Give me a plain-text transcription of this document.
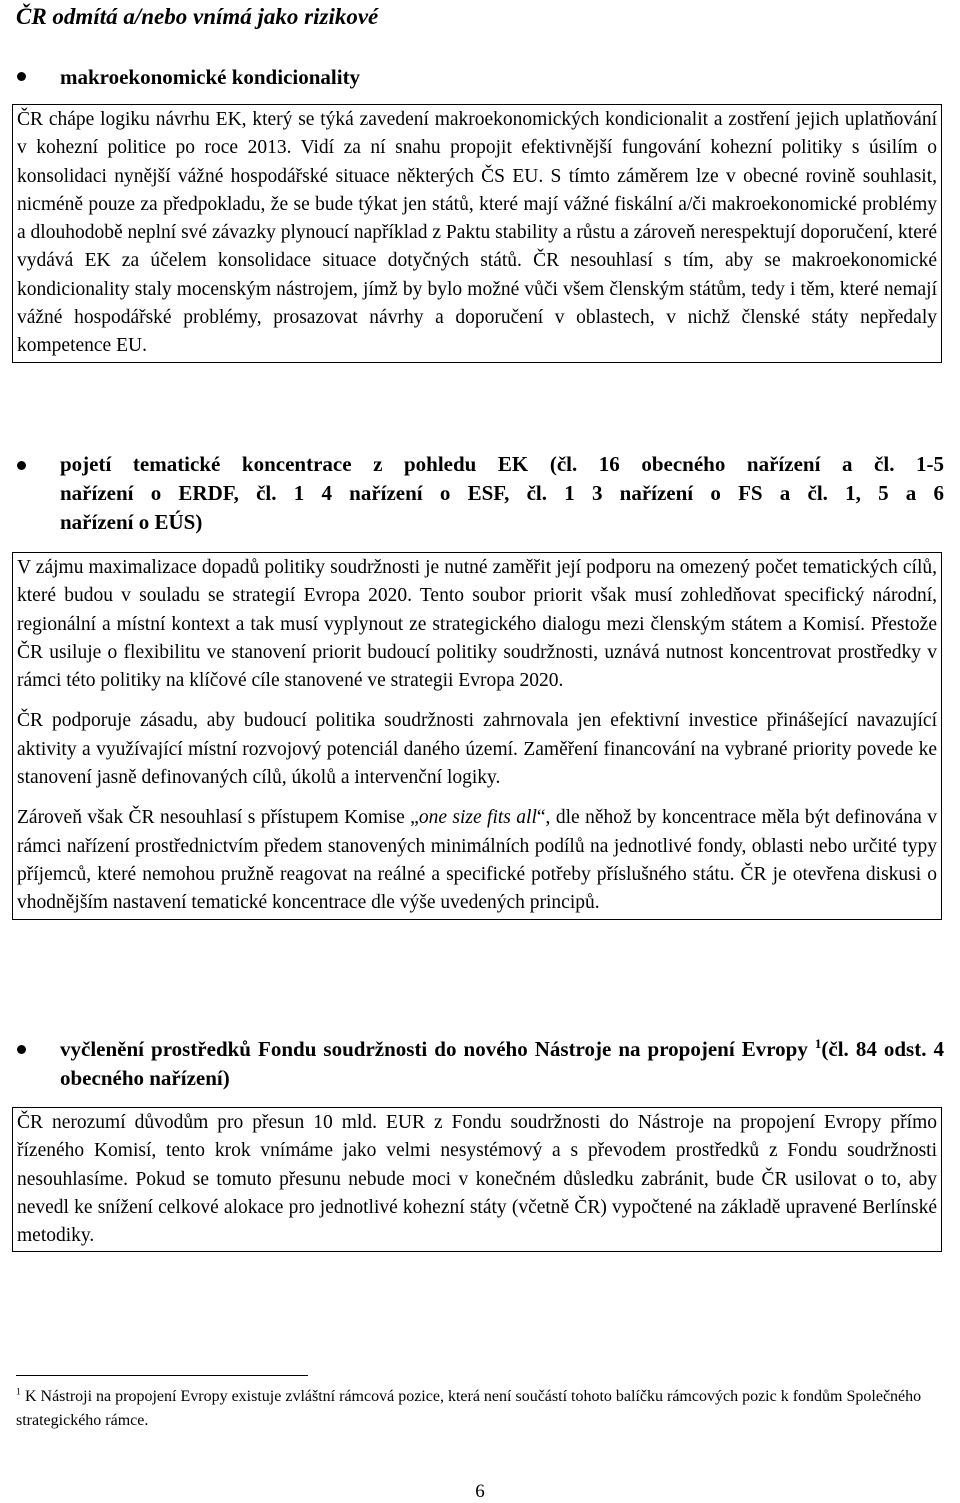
ČR odmítá a/nebo vnímá jako rizikové
makroekonomické kondicionality

ČR chápe logiku návrhu EK, který se týká zavedení makroekonomických kondicionalit a zostření jejich uplatňování v kohezní politice po roce 2013. Vidí za ní snahu propojit efektivnější fungování kohezní politiky s úsilím o konsolidaci nynější vážné hospodářské situace některých ČS EU. S tímto záměrem lze v obecné rovině souhlasit, nicméně pouze za předpokladu, že se bude týkat jen států, které mají vážné fiskální a/či makroekonomické problémy a dlouhodobě neplní své závazky plynoucí například z Paktu stability a růstu a zároveň nerespektují doporučení, které vydává EK za účelem konsolidace situace dotyčných států. ČR nesouhlasí s tím, aby se makroekonomické kondicionality staly mocenským nástrojem, jímž by bylo možné vůči všem členským státům, tedy i těm, které nemají vážné hospodářské problémy, prosazovat návrhy a doporučení v oblastech, v nichž členské státy nepředaly kompetence EU.

pojetí tematické koncentrace z pohledu EK (čl. 16 obecného nařízení a čl. 1-5
nařízení o ERDF, čl. 1 4 nařízení o ESF, čl. 1 3 nařízení o FS a čl. 1, 5 a 6
nařízení o EÚS)

V zájmu maximalizace dopadů politiky soudržnosti je nutné zaměřit její podporu na omezený počet tematických cílů, které budou v souladu se strategií Evropa 2020. Tento soubor priorit však musí zohledňovat specifický národní, regionální a místní kontext a tak musí vyplynout ze strategického dialogu mezi členským státem a Komisí. Přestože ČR usiluje o flexibilitu ve stanovení priorit budoucí politiky soudržnosti, uznává nutnost koncentrovat prostředky v rámci této politiky na klíčové cíle stanovené ve strategii Evropa 2020.

ČR podporuje zásadu, aby budoucí politika soudržnosti zahrnovala jen efektivní investice přinášející navazující aktivity a využívající místní rozvojový potenciál daného území. Zaměření financování na vybrané priority povede ke stanovení jasně definovaných cílů, úkolů a intervenční logiky.

Zároveň však ČR nesouhlasí s přístupem Komise „one size fits all“, dle něhož by koncentrace měla být definována v rámci nařízení prostřednictvím předem stanovených minimálních podílů na jednotlivé fondy, oblasti nebo určité typy příjemců, které nemohou pružně reagovat na reálné a specifické potřeby příslušného státu. ČR je otevřena diskusi o vhodnějším nastavení tematické koncentrace dle výše uvedených principů.

vyčlenění prostředků Fondu soudržnosti do nového Nástroje na propojení Evropy $^1$(čl. 84 odst. 4 obecného nařízení)

ČR nerozumí důvodům pro přesun 10 mld. EUR z Fondu soudržnosti do Nástroje na propojení Evropy přímo řízeného Komisí, tento krok vnímáme jako velmi nesystémový a s převodem prostředků z Fondu soudržnosti nesouhlasíme. Pokud se tomuto přesunu nebude moci v konečném důsledku zabránit, bude ČR usilovat o to, aby nevedl ke snížení celkové alokace pro jednotlivé kohezní státy (včetně ČR) vypočtené na základě upravené Berlínské metodiky.

$^1$ K Nástroji na propojení Evropy existuje zvláštní rámcová pozice, která není součástí tohoto balíčku rámcových pozic k fondům Společného strategického rámce.

6
